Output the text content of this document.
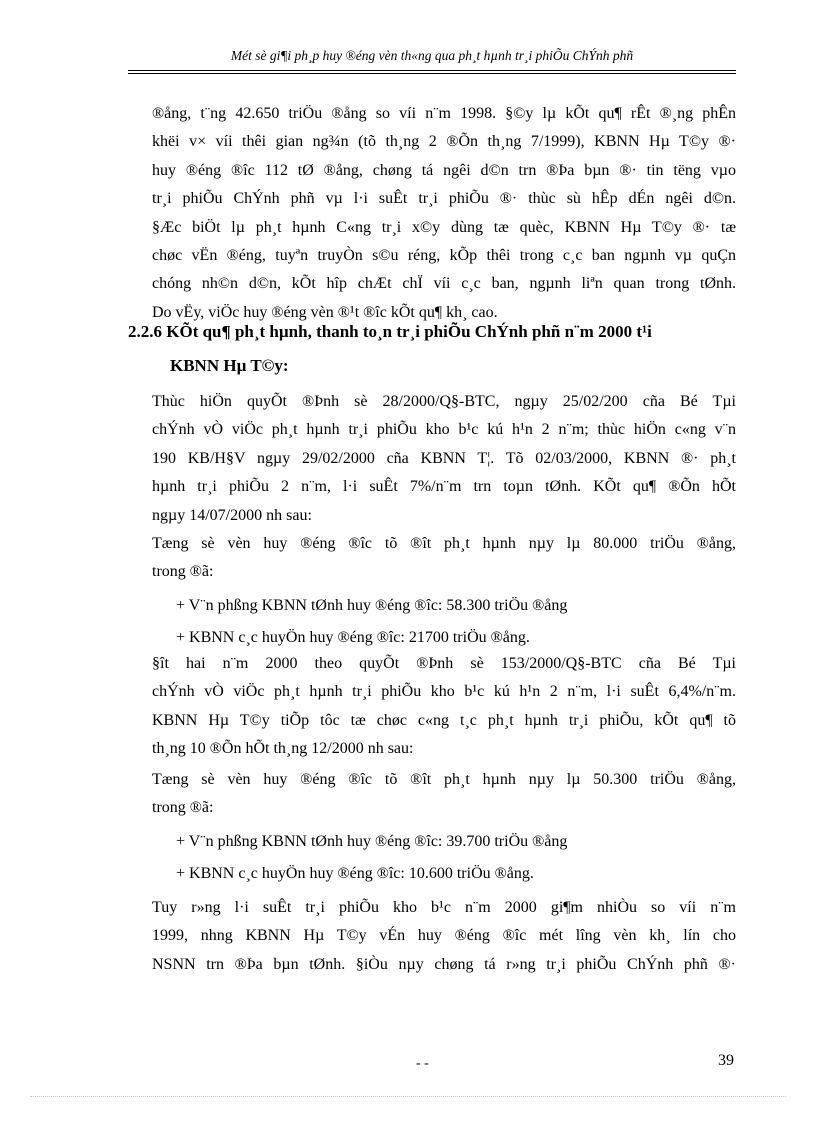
Mét sè gi¶i ph¸p huy ®éng vèn th«ng qua ph¸t hµnh tr¸i phiÕu ChÝnh phñ
®ång, t¨ng 42.650 triÖu ®ång so víi n¨m 1998. §©y lµ kÕt qu¶ rÊt ®¸ng phÊn
khëi v× víi thêi gian ng¾n (tõ th¸ng 2 ®Õn th¸ng 7/1999), KBNN Hµ T©y ®·
huy ®éng ®îc 112 tØ ®ång, chøng tá ngêi d©n trn ®Þa bµn ®· tin tëng vµo
tr¸i phiÕu ChÝnh phñ vµ l·i suÊt tr¸i phiÕu ®· thùc sù hÊp dÉn ngêi d©n.
§Æc biÖt lµ ph¸t hµnh C«ng tr¸i x©y dùng tæ quèc, KBNN Hµ T©y ®· tæ
chøc vËn ®éng, tuyªn truyÒn s©u réng, kÕp thêi trong c¸c ban ngµnh vµ quÇn
chóng nh©n d©n, kÕt hîp chÆt chÏ víi c¸c ban, ngµnh liªn quan trong tØnh.
Do vËy, viÖc huy ®éng vèn ®¹t ®îc kÕt qu¶ kh¸ cao.
2.2.6 KÕt qu¶ ph¸t hµnh, thanh to¸n tr¸i phiÕu ChÝnh phñ n¨m 2000 t¹i
KBNN Hµ T©y:
Thùc hiÖn quyÕt ®Þnh sè 28/2000/Q§-BTC, ngµy 25/02/200 cña Bé Tµi
chÝnh vÒ viÖc ph¸t hµnh tr¸i phiÕu kho b¹c kú h¹n 2 n¨m; thùc hiÖn c«ng v¨n
190 KB/H§V ngµy 29/02/2000 cña KBNN T¦. Tõ 02/03/2000, KBNN ®· ph¸t
hµnh tr¸i phiÕu 2 n¨m, l·i suÊt 7%/n¨m trn toµn tØnh. KÕt qu¶ ®Õn hÕt
ngµy 14/07/2000 nh sau:
Tæng sè vèn huy ®éng ®îc tõ ®ît ph¸t hµnh nµy lµ 80.000 triÖu ®ång,
trong ®ã:
+ V¨n phßng KBNN tØnh huy ®éng ®îc: 58.300 triÖu ®ång
+ KBNN c¸c huyÖn huy ®éng ®îc: 21700 triÖu ®ång.
§ît hai n¨m 2000 theo quyÕt ®Þnh sè 153/2000/Q§-BTC cña Bé Tµi
chÝnh vÒ viÖc ph¸t hµnh tr¸i phiÕu kho b¹c kú h¹n 2 n¨m, l·i suÊt 6,4%/n¨m.
KBNN Hµ T©y tiÕp tôc tæ chøc c«ng t¸c ph¸t hµnh tr¸i phiÕu, kÕt qu¶ tõ
th¸ng 10 ®Õn hÕt th¸ng 12/2000 nh sau:
Tæng sè vèn huy ®éng ®îc tõ ®ît ph¸t hµnh nµy lµ 50.300 triÖu ®ång,
trong ®ã:
+ V¨n phßng KBNN tØnh huy ®éng ®îc: 39.700 triÖu ®ång
+ KBNN c¸c huyÖn huy ®éng ®îc: 10.600 triÖu ®ång.
Tuy r»ng l·i suÊt tr¸i phiÕu kho b¹c n¨m 2000 gi¶m nhiÒu so víi n¨m
1999, nhng KBNN Hµ T©y vÉn huy ®éng ®îc mét lîng vèn kh¸ lín cho
NSNN trn ®Þa bµn tØnh. §iÒu nµy chøng tá r»ng tr¸i phiÕu ChÝnh phñ ®·
- -	39
